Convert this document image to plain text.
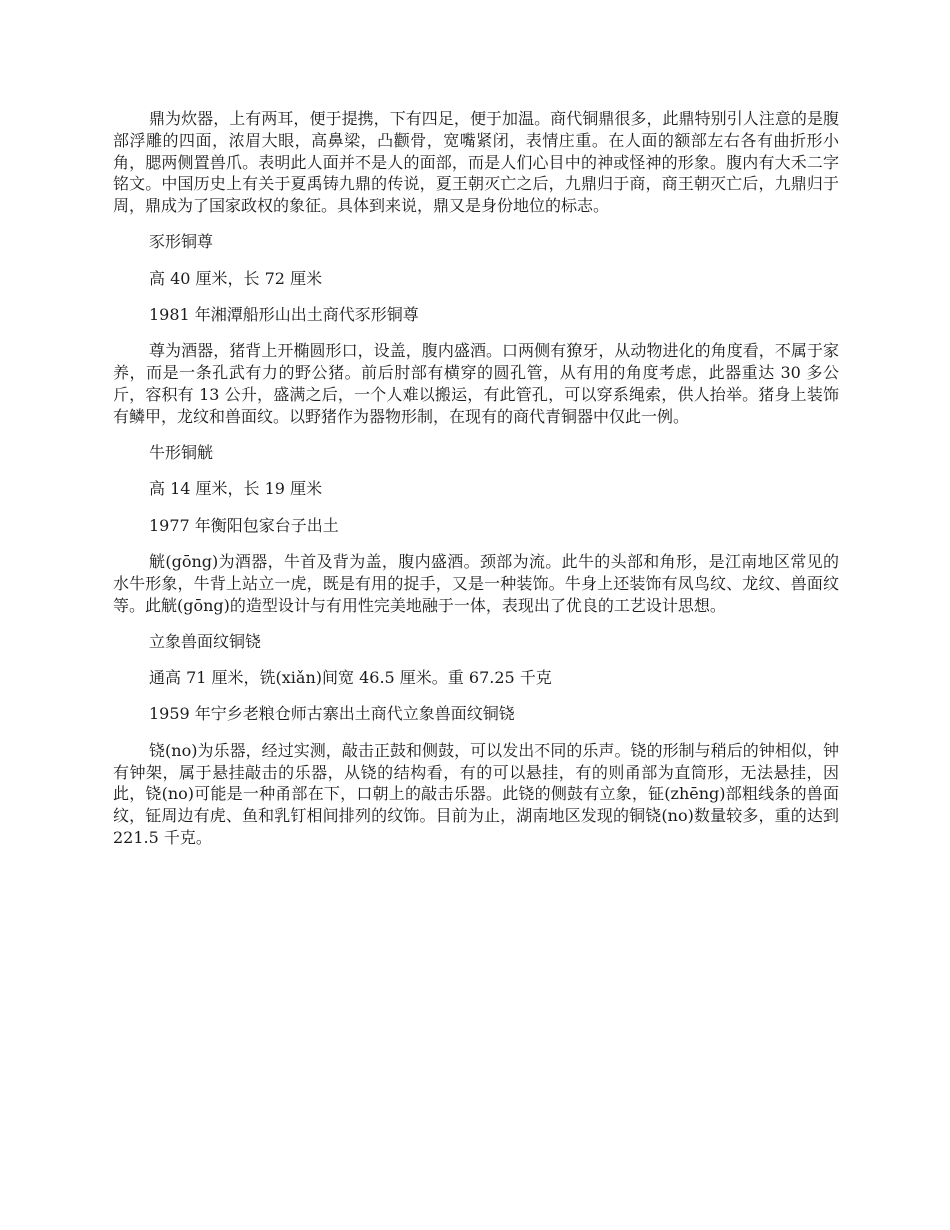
鼎为炊器，上有两耳，便于提携，下有四足，便于加温。商代铜鼎很多，此鼎特别引人注意的是腹部浮雕的四面，浓眉大眼，高鼻梁，凸颧骨，宽嘴紧闭，表情庄重。在人面的额部左右各有曲折形小角，腮两侧置兽爪。表明此人面并不是人的面部，而是人们心目中的神或怪神的形象。腹内有大禾二字铭文。中国历史上有关于夏禹铸九鼎的传说，夏王朝灭亡之后，九鼎归于商，商王朝灭亡后，九鼎归于周，鼎成为了国家政权的象征。具体到来说，鼎又是身份地位的标志。

豕形铜尊

高 40 厘米，长 72 厘米

1981 年湘潭船形山出土商代豕形铜尊

尊为酒器，猪背上开椭圆形口，设盖，腹内盛酒。口两侧有獠牙，从动物进化的角度看，不属于家养，而是一条孔武有力的野公猪。前后肘部有横穿的圆孔管，从有用的角度考虑，此器重达 30 多公斤，容积有 13 公升，盛满之后，一个人难以搬运，有此管孔，可以穿系绳索，供人抬举。猪身上装饰有鳞甲，龙纹和兽面纹。以野猪作为器物形制，在现有的商代青铜器中仅此一例。

牛形铜觥

高 14 厘米，长 19 厘米

1977 年衡阳包家台子出土

觥(gōng)为酒器，牛首及背为盖，腹内盛酒。颈部为流。此牛的头部和角形，是江南地区常见的水牛形象，牛背上站立一虎，既是有用的捉手，又是一种装饰。牛身上还装饰有凤鸟纹、龙纹、兽面纹等。此觥(gōng)的造型设计与有用性完美地融于一体，表现出了优良的工艺设计思想。

立象兽面纹铜铙

通高 71 厘米，铣(xiǎn)间宽 46.5 厘米。重 67.25 千克

1959 年宁乡老粮仓师古寨出土商代立象兽面纹铜铙

铙(no)为乐器，经过实测，敲击正鼓和侧鼓，可以发出不同的乐声。铙的形制与稍后的钟相似，钟有钟架，属于悬挂敲击的乐器，从铙的结构看，有的可以悬挂，有的则甬部为直筒形，无法悬挂，因此，铙(no)可能是一种甬部在下，口朝上的敲击乐器。此铙的侧鼓有立象，钲(zhēng)部粗线条的兽面纹，钲周边有虎、鱼和乳钉相间排列的纹饰。目前为止，湖南地区发现的铜铙(no)数量较多，重的达到 221.5 千克。
